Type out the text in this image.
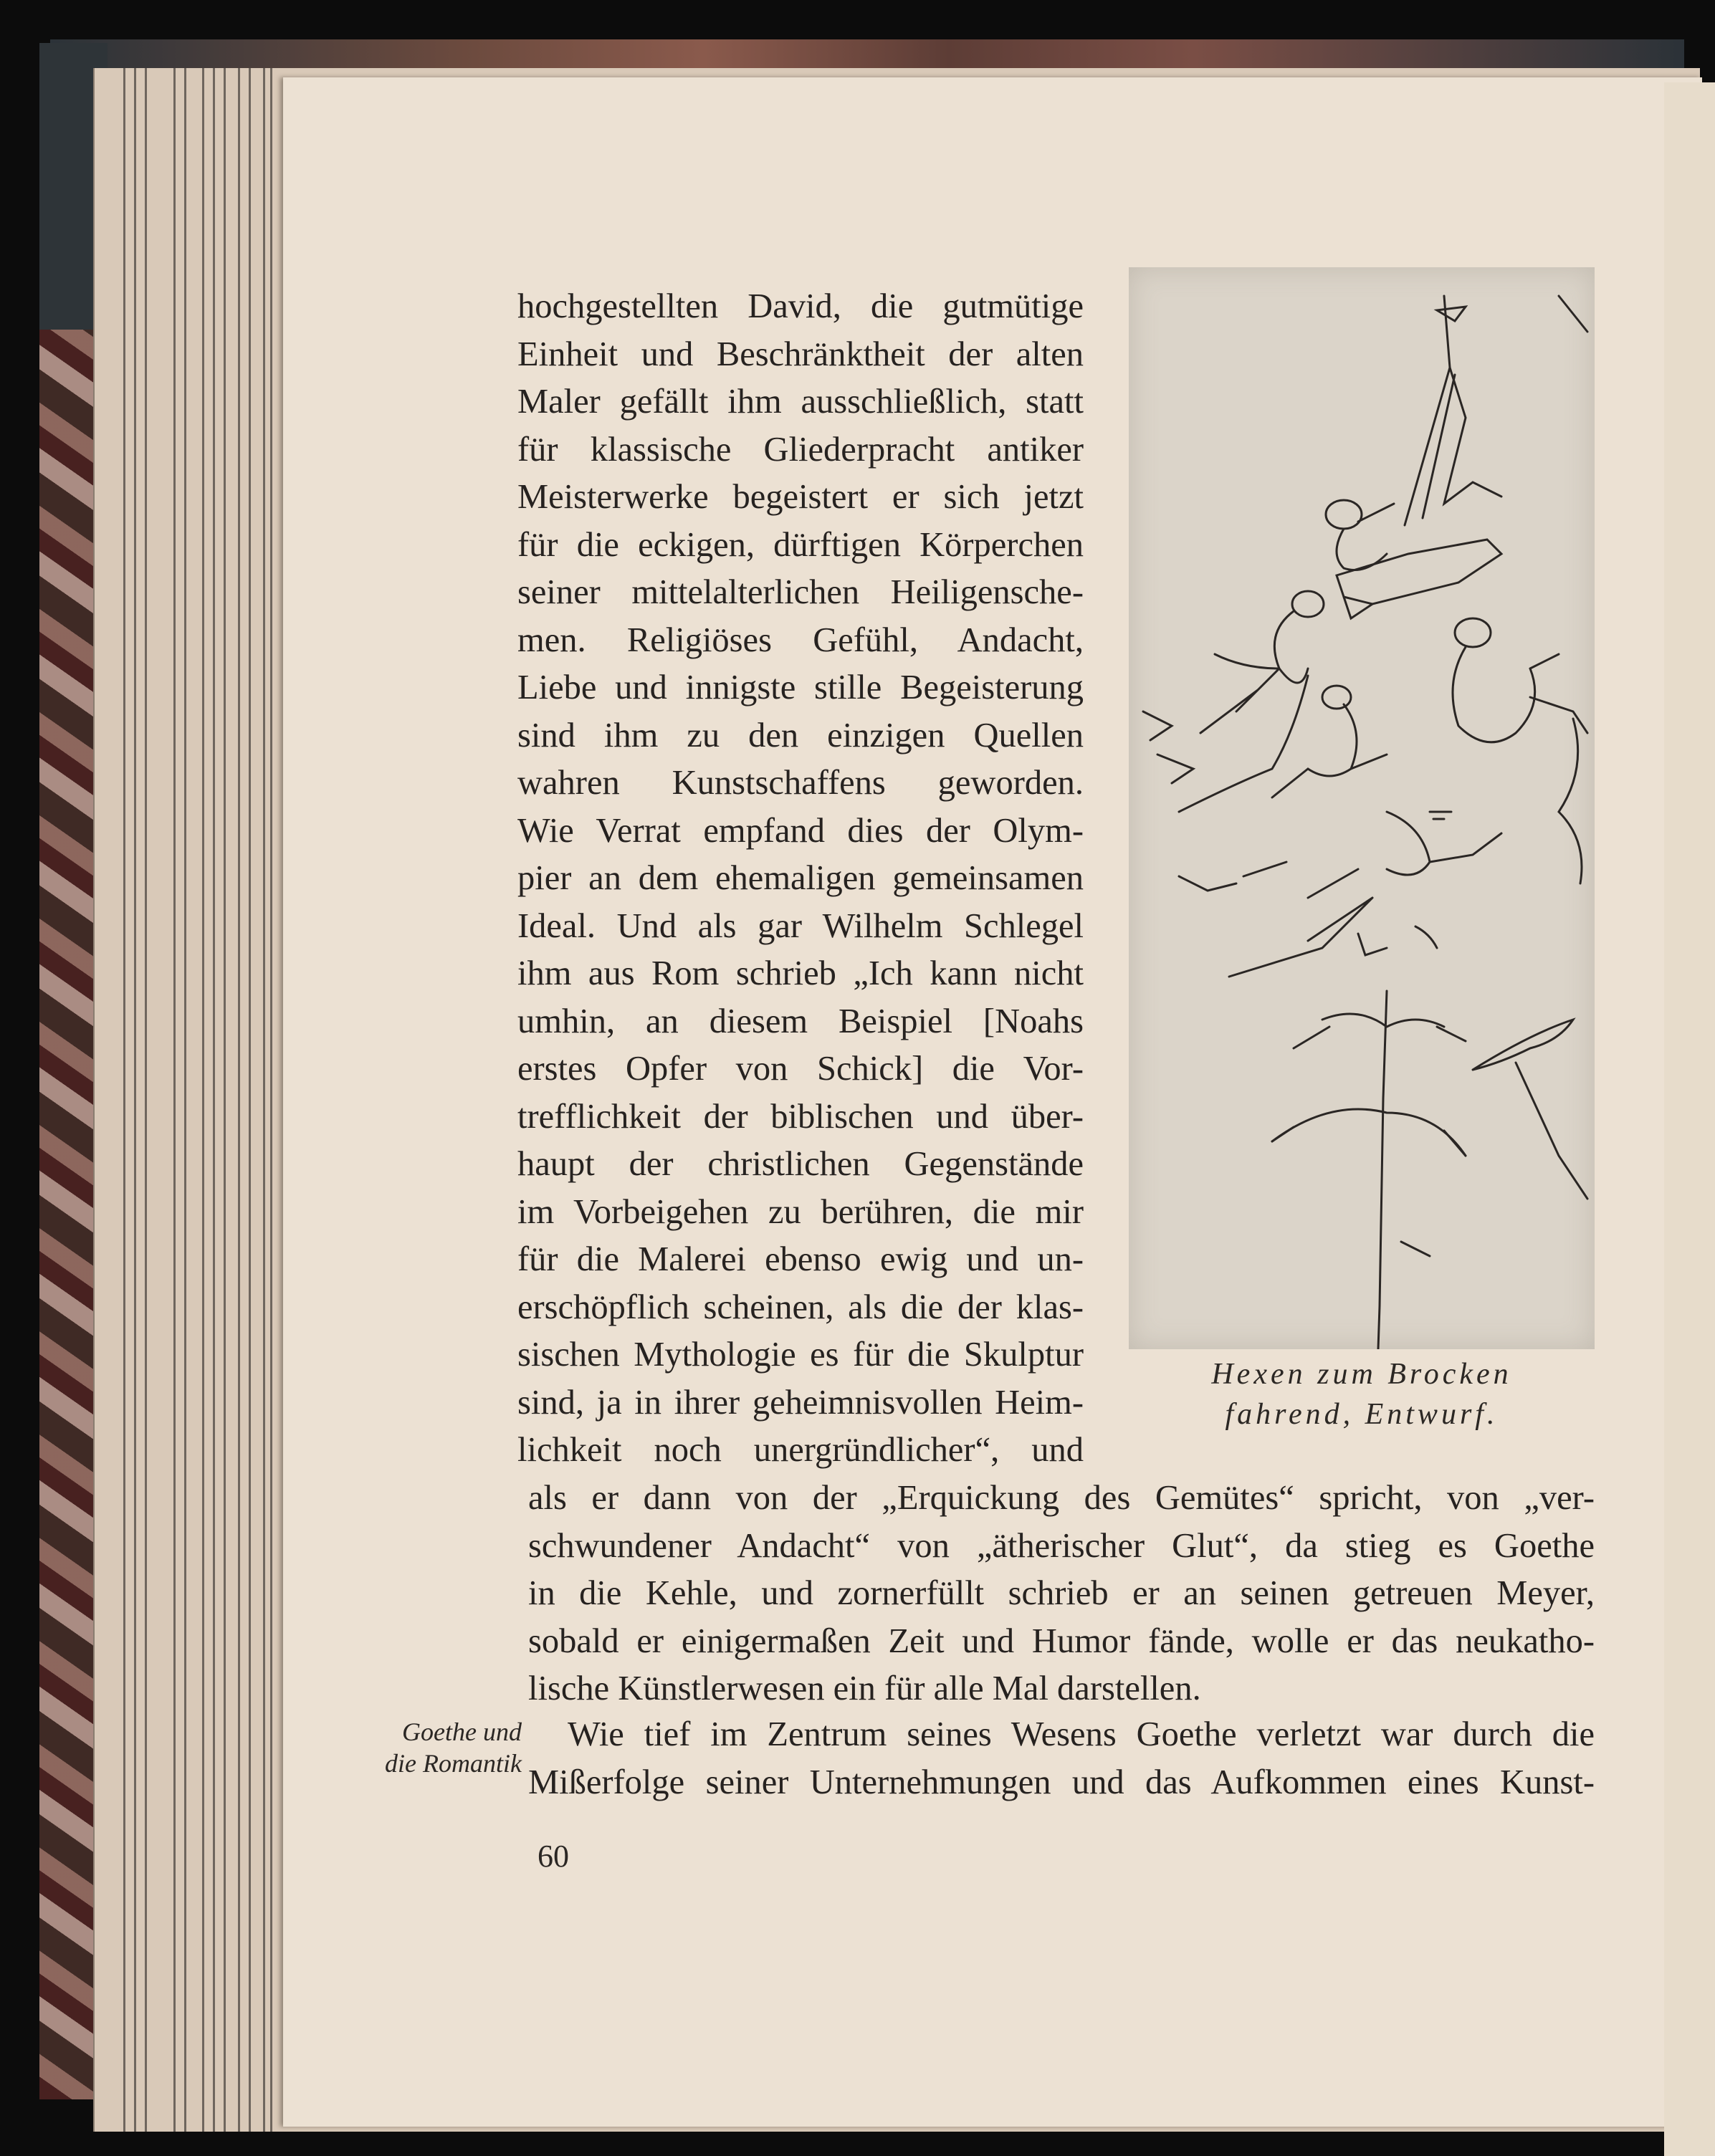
hochgestellten David, die gutmütige
Einheit und Beschränktheit der alten
Maler gefällt ihm ausschließlich, statt
für klassische Gliederpracht antiker
Meisterwerke begeistert er sich jetzt
für die eckigen, dürftigen Körperchen
seiner mittelalterlichen Heiligensche-
men. Religiöses Gefühl, Andacht,
Liebe und innigste stille Begeisterung
sind ihm zu den einzigen Quellen
wahren Kunstschaffens geworden.
Wie Verrat empfand dies der Olym-
pier an dem ehemaligen gemeinsamen
Ideal. Und als gar Wilhelm Schlegel
ihm aus Rom schrieb „Ich kann nicht
umhin, an diesem Beispiel [Noahs
erstes Opfer von Schick] die Vor-
trefflichkeit der biblischen und über-
haupt der christlichen Gegenstände
im Vorbeigehen zu berühren, die mir
für die Malerei ebenso ewig und un-
erschöpflich scheinen, als die der klas-
sischen Mythologie es für die Skulptur
sind, ja in ihrer geheimnisvollen Heim-
lichkeit noch unergründlicher“, und
als er dann von der „Erquickung des Gemütes“ spricht, von „ver-
schwundener Andacht“ von „ätherischer Glut“, da stieg es Goethe
in die Kehle, und zornerfüllt schrieb er an seinen getreuen Meyer,
sobald er einigermaßen Zeit und Humor fände, wolle er das neukatho-
lische Künstlerwesen ein für alle Mal darstellen.
Wie tief im Zentrum seines Wesens Goethe verletzt war durch die
Mißerfolge seiner Unternehmungen und das Aufkommen eines Kunst-
Hexen zum Brocken
fahrend, Entwurf.
Goethe und
die Romantik
60
